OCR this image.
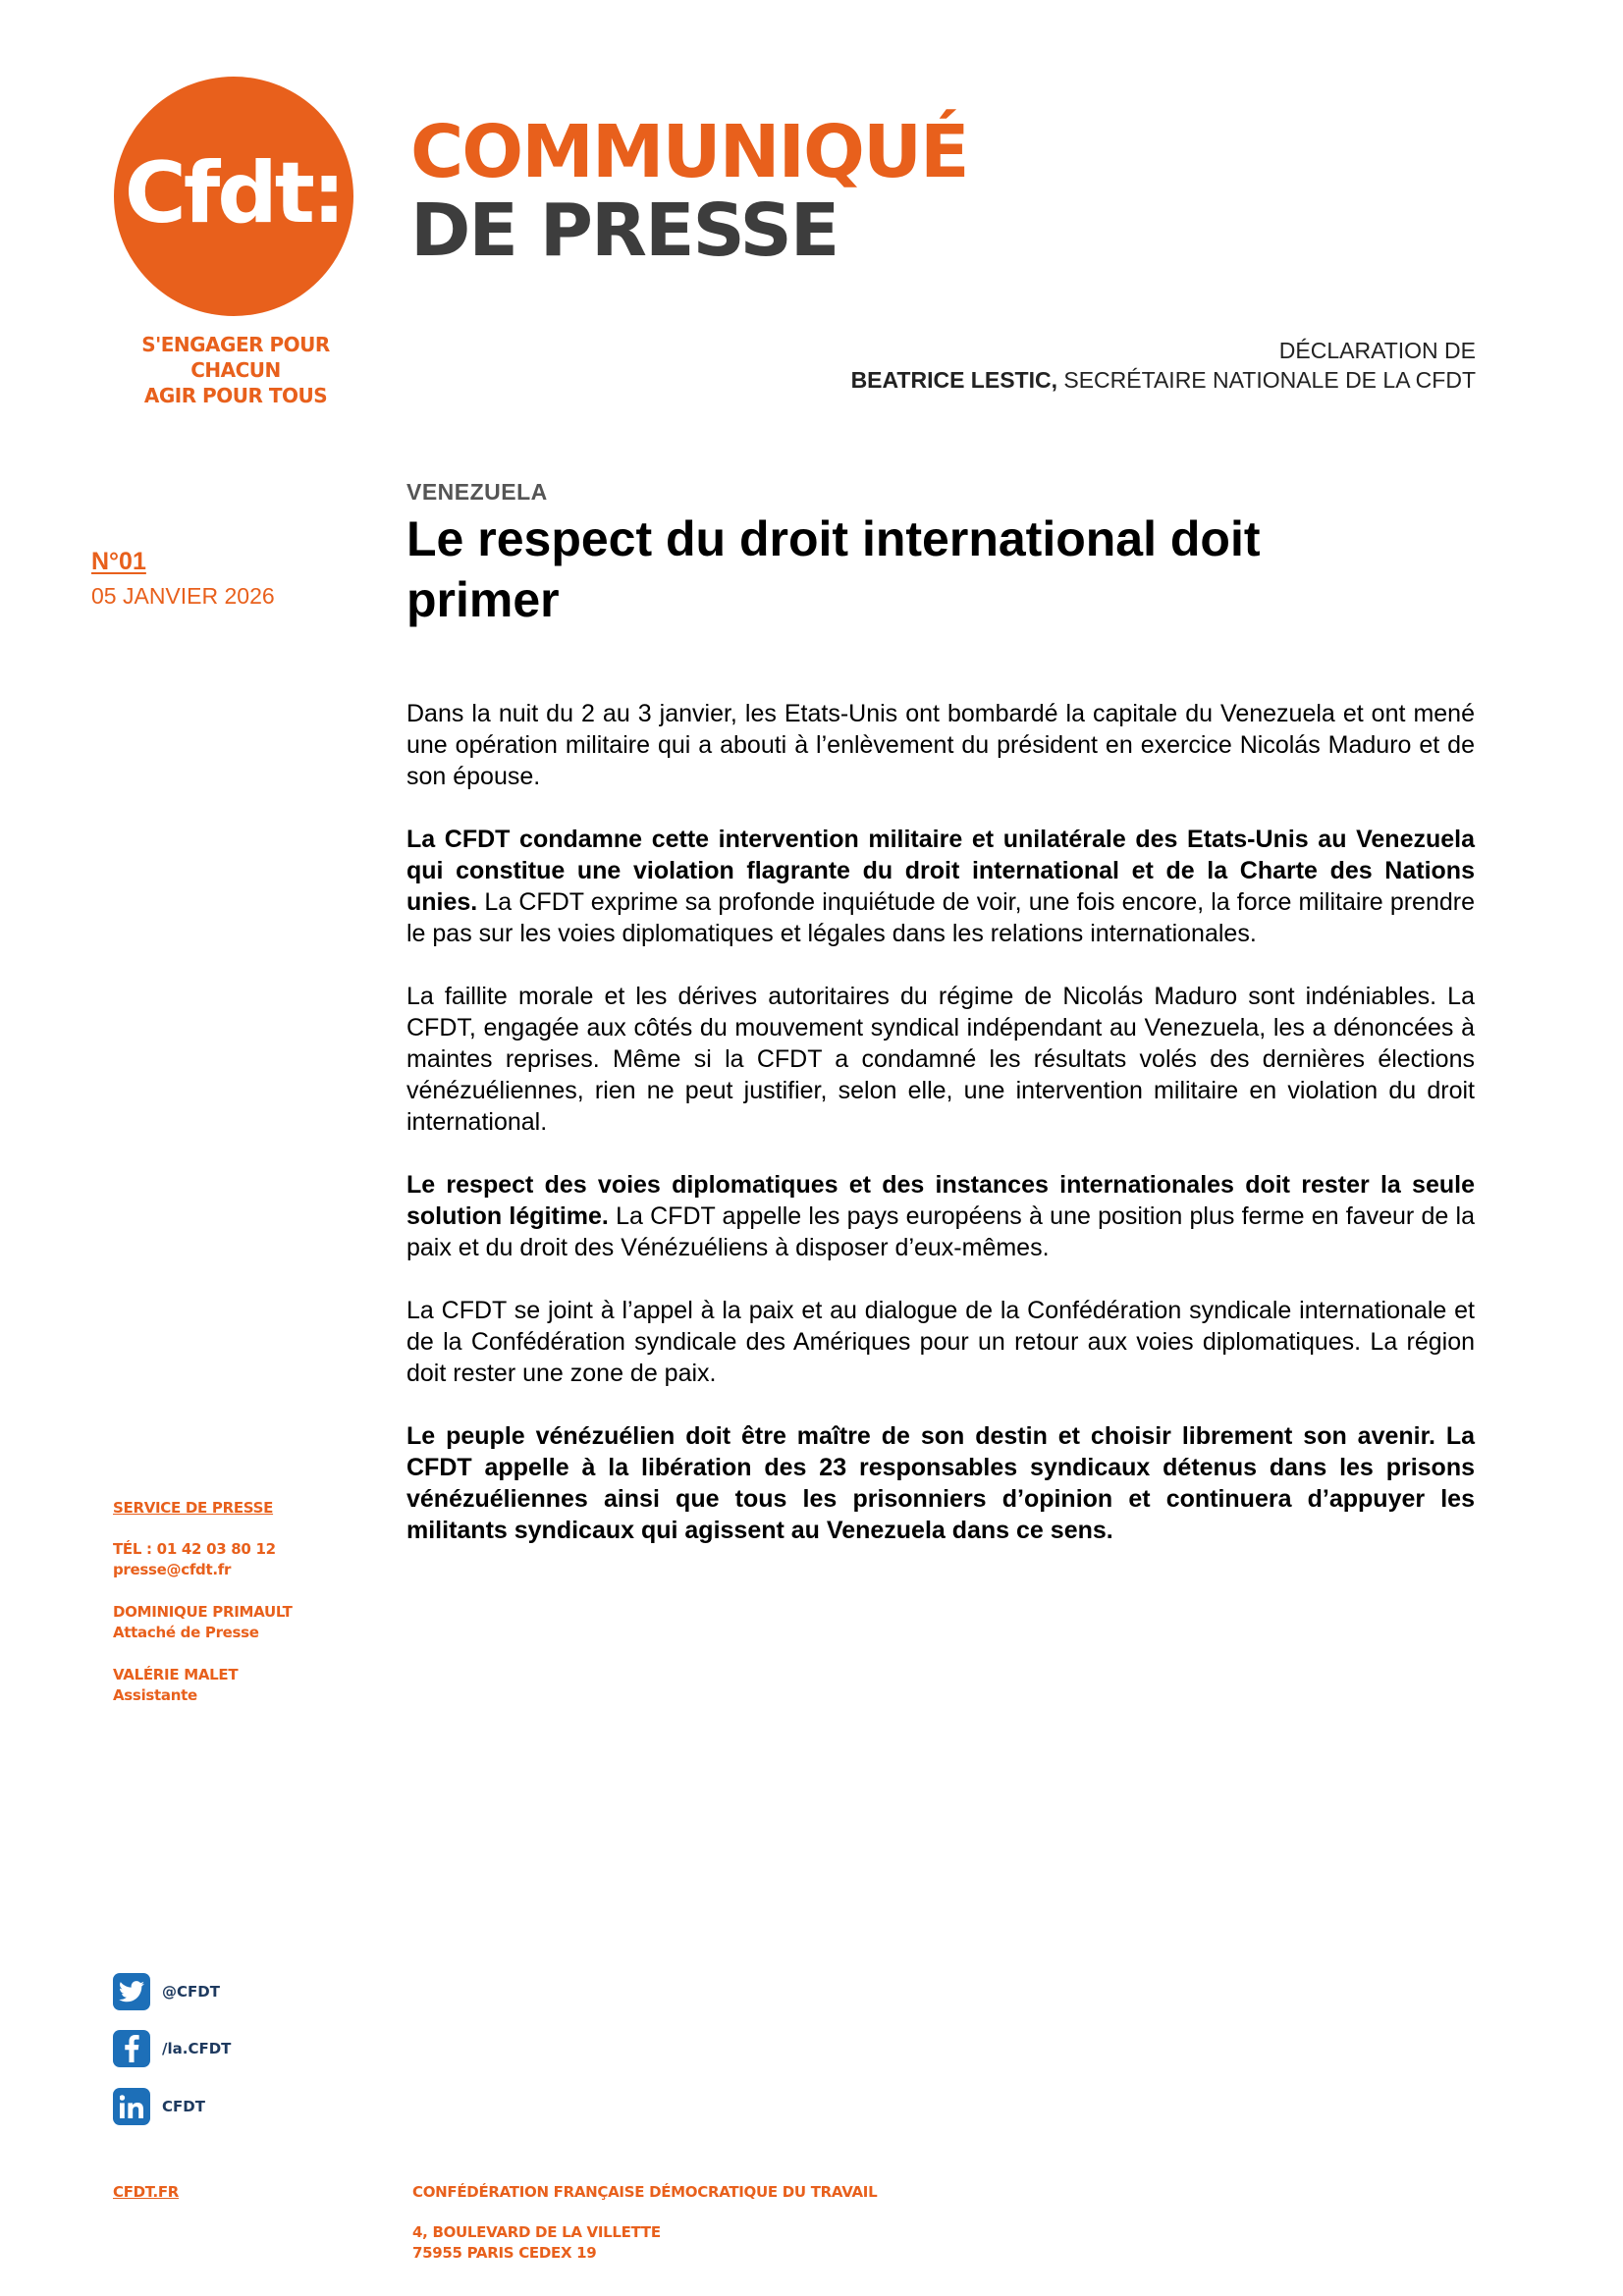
Cfdt:
S'ENGAGER POUR CHACUN
AGIR POUR TOUS
COMMUNIQUÉ
DE PRESSE
DÉCLARATION DE
BEATRICE LESTIC, SECRÉTAIRE NATIONALE DE LA CFDT
VENEZUELA
Le respect du droit international doit primer
N°01
05 JANVIER 2026

Dans la nuit du 2 au 3 janvier, les Etats-Unis ont bombardé la capitale du Venezuela et ont mené une opération militaire qui a abouti à l’enlèvement du président en exercice Nicolás Maduro et de son épouse.

La CFDT condamne cette intervention militaire et unilatérale des Etats-Unis au Venezuela qui constitue une violation flagrante du droit international et de la Charte des Nations unies. La CFDT exprime sa profonde inquiétude de voir, une fois encore, la force militaire prendre le pas sur les voies diplomatiques et légales dans les relations internationales.

La faillite morale et les dérives autoritaires du régime de Nicolás Maduro sont indéniables. La CFDT, engagée aux côtés du mouvement syndical indépendant au Venezuela, les a dénoncées à maintes reprises. Même si la CFDT a condamné les résultats volés des dernières élections vénézuéliennes, rien ne peut justifier, selon elle, une intervention militaire en violation du droit international.

Le respect des voies diplomatiques et des instances internationales doit rester la seule solution légitime. La CFDT appelle les pays européens à une position plus ferme en faveur de la paix et du droit des Vénézuéliens à disposer d’eux-mêmes.

La CFDT se joint à l’appel à la paix et au dialogue de la Confédération syndicale internationale et de la Confédération syndicale des Amériques pour un retour aux voies diplomatiques. La région doit rester une zone de paix.

Le peuple vénézuélien doit être maître de son destin et choisir librement son avenir. La CFDT appelle à la libération des 23 responsables syndicaux détenus dans les prisons vénézuéliennes ainsi que tous les prisonniers d’opinion et continuera d’appuyer les militants syndicaux qui agissent au Venezuela dans ce sens.

SERVICE DE PRESSE
TÉL : 01 42 03 80 12
presse@cfdt.fr
DOMINIQUE PRIMAULT
Attaché de Presse
VALÉRIE MALET
Assistante
@CFDT
/la.CFDT
CFDT
CFDT.FR	CONFÉDÉRATION FRANÇAISE DÉMOCRATIQUE DU TRAVAIL
4, BOULEVARD DE LA VILLETTE
75955 PARIS CEDEX 19
